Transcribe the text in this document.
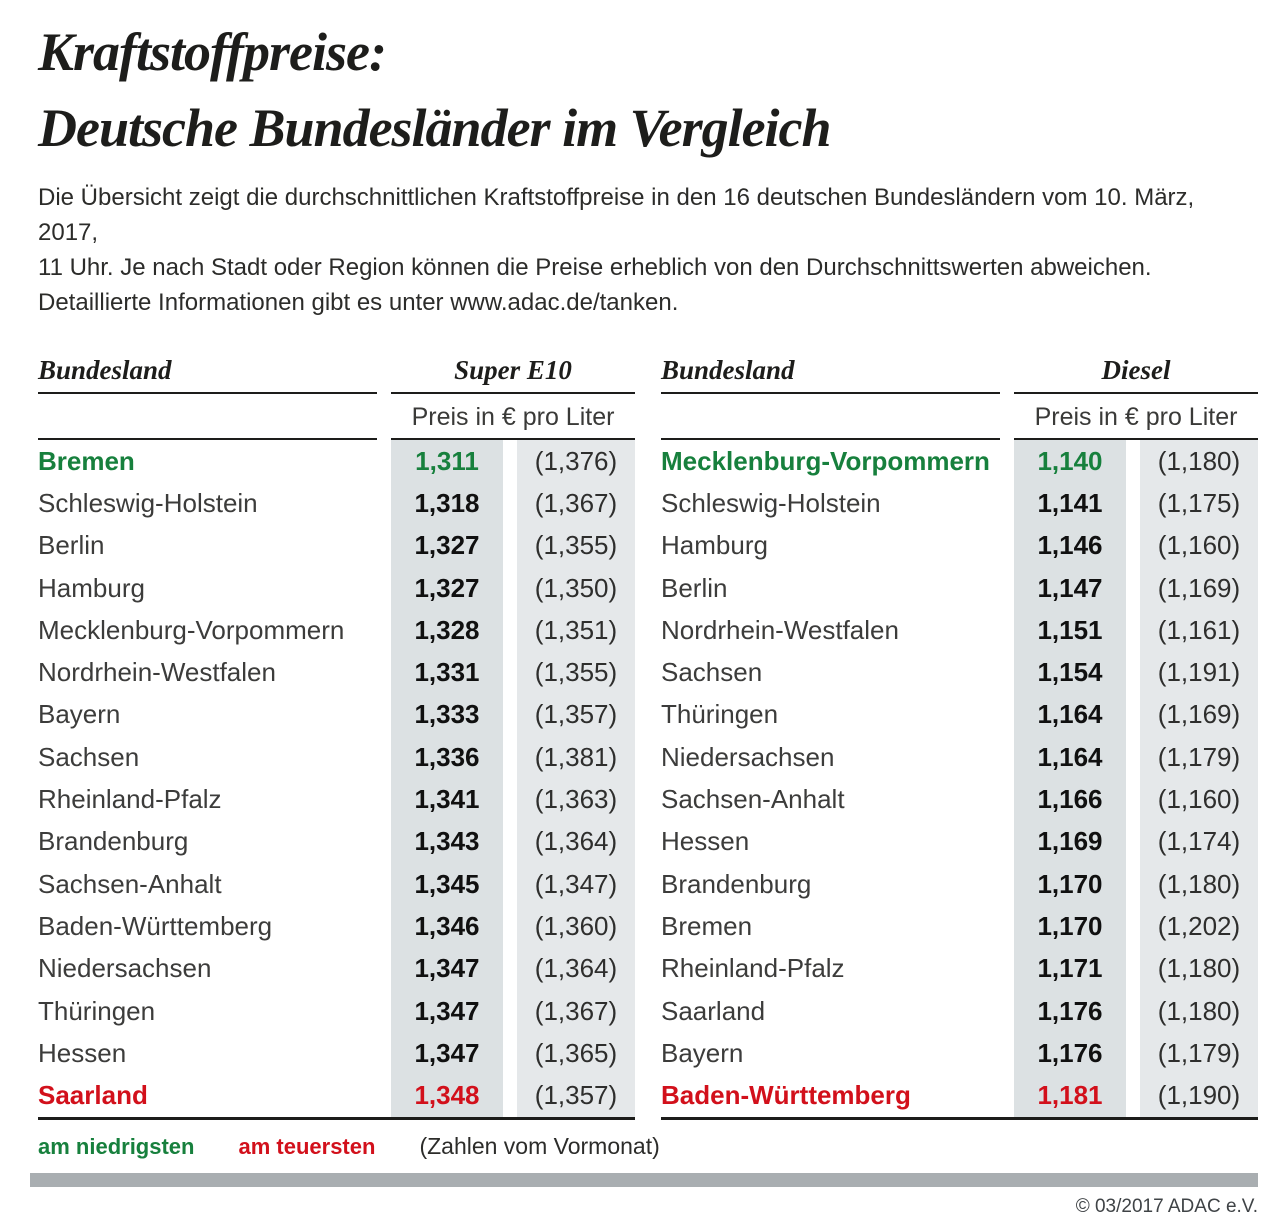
Kraftstoffpreise:
Deutsche Bundesländer im Vergleich
Die Übersicht zeigt die durchschnittlichen Kraftstoffpreise in den 16 deutschen Bundesländern vom 10. März, 2017,
11 Uhr. Je nach Stadt oder Region können die Preise erheblich von den Durchschnittswerten abweichen.
Detaillierte Informationen gibt es unter www.adac.de/tanken.
Bundesland	Super E10
Preis in € pro Liter
Bremen	1,311	(1,376)
Schleswig-Holstein	1,318	(1,367)
Berlin	1,327	(1,355)
Hamburg	1,327	(1,350)
Mecklenburg-Vorpommern	1,328	(1,351)
Nordrhein-Westfalen	1,331	(1,355)
Bayern	1,333	(1,357)
Sachsen	1,336	(1,381)
Rheinland-Pfalz	1,341	(1,363)
Brandenburg	1,343	(1,364)
Sachsen-Anhalt	1,345	(1,347)
Baden-Württemberg	1,346	(1,360)
Niedersachsen	1,347	(1,364)
Thüringen	1,347	(1,367)
Hessen	1,347	(1,365)
Saarland	1,348	(1,357)
Bundesland	Diesel
Preis in € pro Liter
Mecklenburg-Vorpommern	1,140	(1,180)
Schleswig-Holstein	1,141	(1,175)
Hamburg	1,146	(1,160)
Berlin	1,147	(1,169)
Nordrhein-Westfalen	1,151	(1,161)
Sachsen	1,154	(1,191)
Thüringen	1,164	(1,169)
Niedersachsen	1,164	(1,179)
Sachsen-Anhalt	1,166	(1,160)
Hessen	1,169	(1,174)
Brandenburg	1,170	(1,180)
Bremen	1,170	(1,202)
Rheinland-Pfalz	1,171	(1,180)
Saarland	1,176	(1,180)
Bayern	1,176	(1,179)
Baden-Württemberg	1,181	(1,190)
am niedrigsten am teuersten (Zahlen vom Vormonat)
© 03/2017 ADAC e.V.
